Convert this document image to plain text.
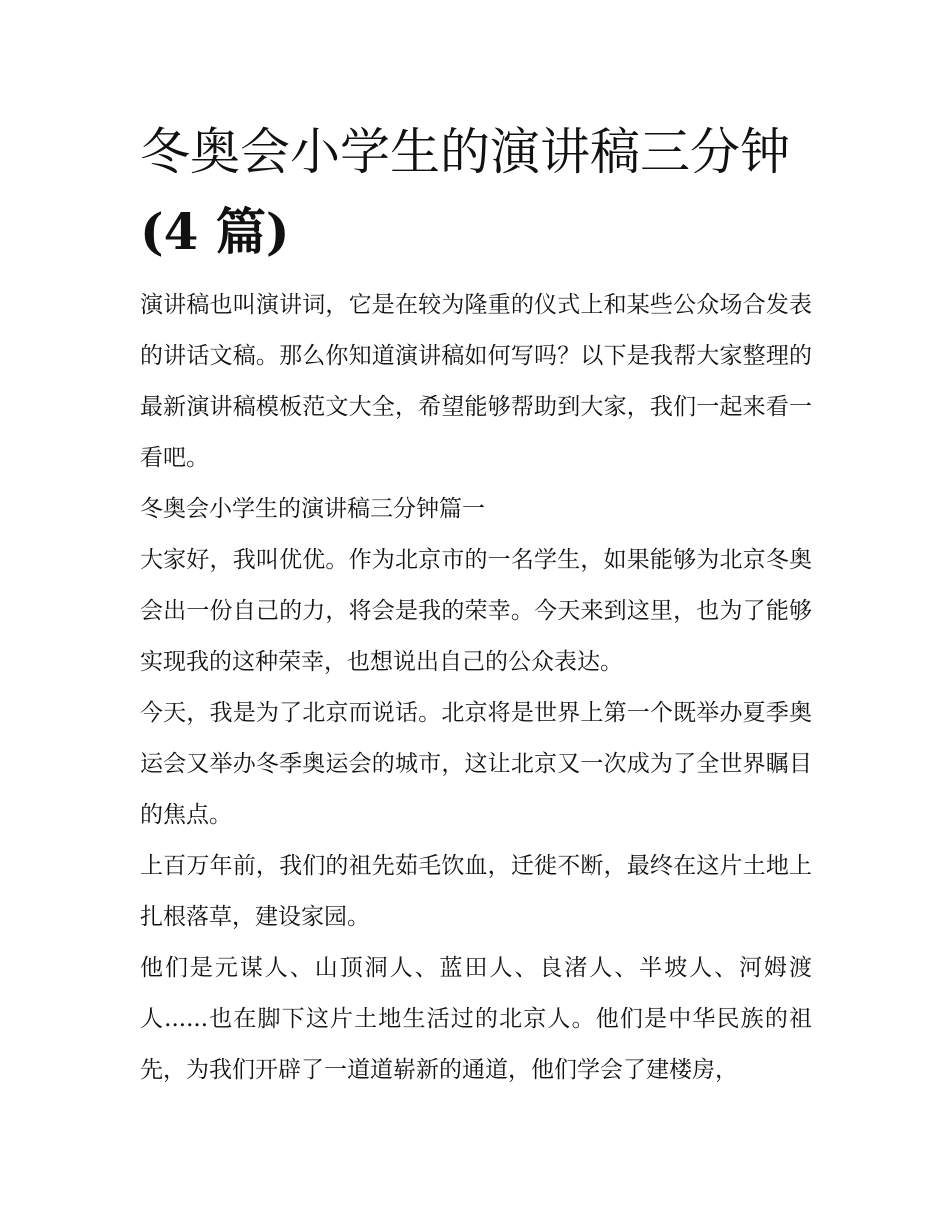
冬奥会小学生的演讲稿三分钟
(4 篇)

演讲稿也叫演讲词，它是在较为隆重的仪式上和某些公众场合发表的讲话文稿。那么你知道演讲稿如何写吗？以下是我帮大家整理的最新演讲稿模板范文大全，希望能够帮助到大家，我们一起来看一看吧。

冬奥会小学生的演讲稿三分钟篇一

大家好，我叫优优。作为北京市的一名学生，如果能够为北京冬奥会出一份自己的力，将会是我的荣幸。今天来到这里，也为了能够实现我的这种荣幸，也想说出自己的公众表达。

今天，我是为了北京而说话。北京将是世界上第一个既举办夏季奥运会又举办冬季奥运会的城市，这让北京又一次成为了全世界瞩目的焦点。

上百万年前，我们的祖先茹毛饮血，迁徙不断，最终在这片土地上扎根落草，建设家园。

他们是元谋人、山顶洞人、蓝田人、良渚人、半坡人、河姆渡人......也在脚下这片土地生活过的北京人。他们是中华民族的祖先，为我们开辟了一道道崭新的通道，他们学会了建楼房，
